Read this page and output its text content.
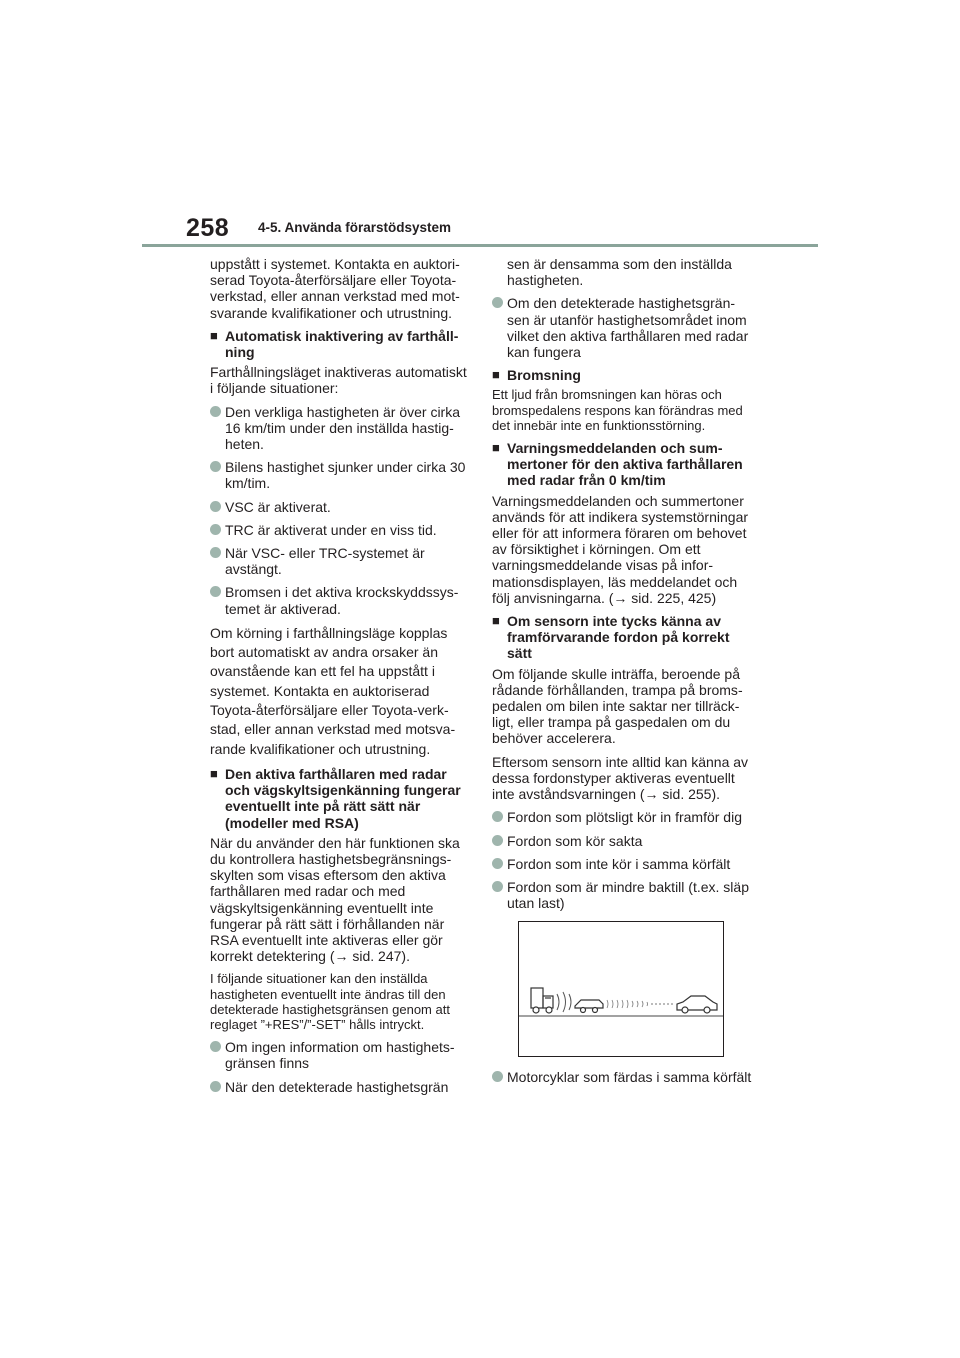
258 4-5. Använda förarstödsystem

uppstått i systemet. Kontakta en auktoriserad Toyota-återförsäljare eller Toyota-verkstad, eller annan verkstad med motsvarande kvalifikationer och utrustning.

■ Automatisk inaktivering av farthållning

Farthållningsläget inaktiveras automatiskt i följande situationer:

Den verkliga hastigheten är över cirka 16 km/tim under den inställda hastigheten.
Bilens hastighet sjunker under cirka 30 km/tim.
VSC är aktiverat.
TRC är aktiverat under en viss tid.
När VSC- eller TRC-systemet är avstängt.
Bromsen i det aktiva krockskyddssystemet är aktiverad.

Om körning i farthållningsläge kopplas bort automatiskt av andra orsaker än ovanstående kan ett fel ha uppstått i systemet. Kontakta en auktoriserad Toyota-återförsäljare eller Toyota-verkstad, eller annan verkstad med motsvarande kvalifikationer och utrustning.

■ Den aktiva farthållaren med radar och vägskyltsigenkänning fungerar eventuellt inte på rätt sätt när (modeller med RSA)

När du använder den här funktionen ska du kontrollera hastighetsbegränsningsskylten som visas eftersom den aktiva farthållaren med radar och med vägskyltsigenkänning eventuellt inte fungerar på rätt sätt i förhållanden när RSA eventuellt inte aktiveras eller gör korrekt detektering (→ sid. 247).

I följande situationer kan den inställda hastigheten eventuellt inte ändras till den detekterade hastighetsgränsen genom att reglaget ”+RES”/”-SET” hålls intryckt.

Om ingen information om hastighetsgränsen finns
När den detekterade hastighetsgrän

sen är densamma som den inställda hastigheten.

Om den detekterade hastighetsgränsen är utanför hastighetsområdet inom vilket den aktiva farthållaren med radar kan fungera
■ Bromsning

Ett ljud från bromsningen kan höras och bromspedalens respons kan förändras med det innebär inte en funktionsstörning.

■ Varningsmeddelanden och summertoner för den aktiva farthållaren med radar från 0 km/tim

Varningsmeddelanden och summertoner används för att indikera systemstörningar eller för att informera föraren om behovet av försiktighet i körningen. Om ett varningsmeddelande visas på informationsdisplayen, läs meddelandet och följ anvisningarna. (→ sid. 225, 425)

■ Om sensorn inte tycks känna av framförvarande fordon på korrekt sätt

Om följande skulle inträffa, beroende på rådande förhållanden, trampa på bromspedalen om bilen inte saktar ner tillräckligt, eller trampa på gaspedalen om du behöver accelerera.

Eftersom sensorn inte alltid kan känna av dessa fordonstyper aktiveras eventuellt inte avståndsvarningen (→ sid. 255).

Fordon som plötsligt kör in framför dig
Fordon som kör sakta
Fordon som inte kör i samma körfält
Fordon som är mindre baktill (t.ex. släp utan last)
Motorcyklar som färdas i samma körfält
